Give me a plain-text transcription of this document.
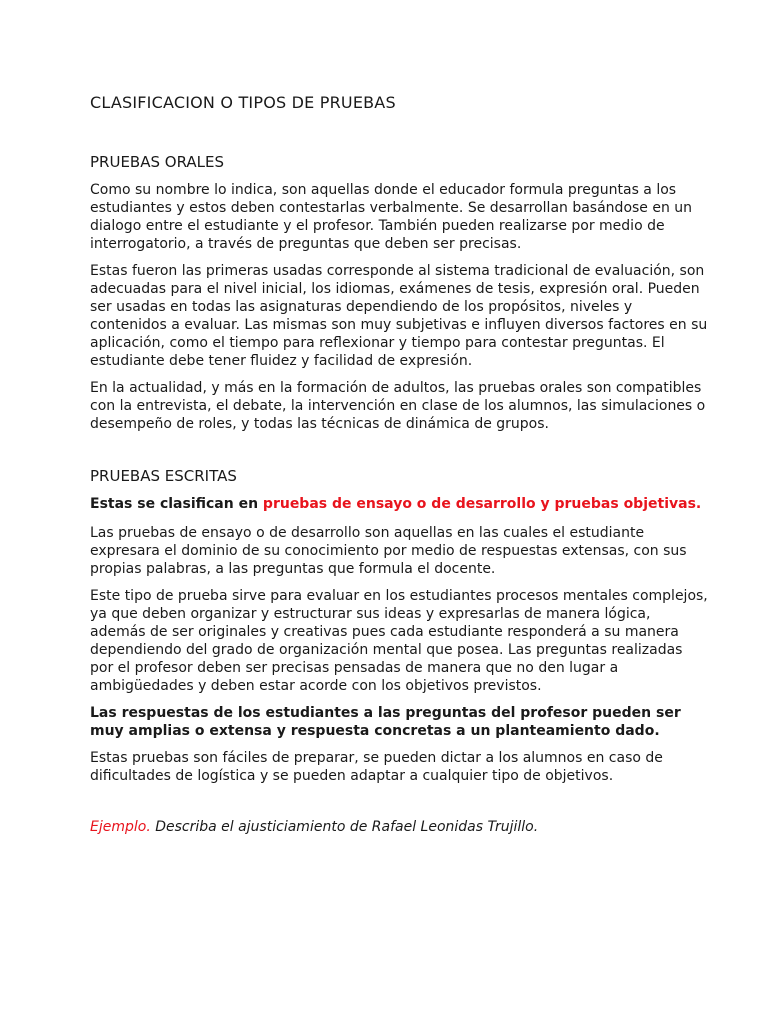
CLASIFICACION O TIPOS DE PRUEBAS
PRUEBAS ORALES

Como su nombre lo indica, son aquellas donde el educador formula preguntas a los estudiantes y estos deben contestarlas verbalmente. Se desarrollan basándose en un dialogo entre el estudiante y el profesor. También pueden realizarse por medio de interrogatorio, a través de preguntas que deben ser precisas.

Estas fueron las primeras usadas corresponde al sistema tradicional de evaluación, son adecuadas para el nivel inicial, los idiomas, exámenes de tesis, expresión oral. Pueden ser usadas en todas las asignaturas dependiendo de los propósitos, niveles y contenidos a evaluar. Las mismas son muy subjetivas e influyen diversos factores en su aplicación, como el tiempo para reflexionar y tiempo para contestar preguntas. El estudiante debe tener fluidez y facilidad de expresión.

En la actualidad, y más en la formación de adultos, las pruebas orales son compatibles con la entrevista, el debate, la intervención en clase de los alumnos, las simulaciones o desempeño de roles, y todas las técnicas de dinámica de grupos.

PRUEBAS ESCRITAS

Estas se clasifican en pruebas de ensayo o de desarrollo y pruebas objetivas.

Las pruebas de ensayo o de desarrollo son aquellas en las cuales el estudiante expresara el dominio de su conocimiento por medio de respuestas extensas, con sus propias palabras, a las preguntas que formula el docente.

Este tipo de prueba sirve para evaluar en los estudiantes procesos mentales complejos, ya que deben organizar y estructurar sus ideas y expresarlas de manera lógica, además de ser originales y creativas pues cada estudiante responderá a su manera dependiendo del grado de organización mental que posea. Las preguntas realizadas por el profesor deben ser precisas pensadas de manera que no den lugar a ambigüedades y deben estar acorde con los objetivos previstos.

Las respuestas de los estudiantes a las preguntas del profesor pueden ser muy amplias o extensa y respuesta concretas a un planteamiento dado.

Estas pruebas son fáciles de preparar, se pueden dictar a los alumnos en caso de dificultades de logística y se pueden adaptar a cualquier tipo de objetivos.

Ejemplo. Describa el ajusticiamiento de Rafael Leonidas Trujillo.
